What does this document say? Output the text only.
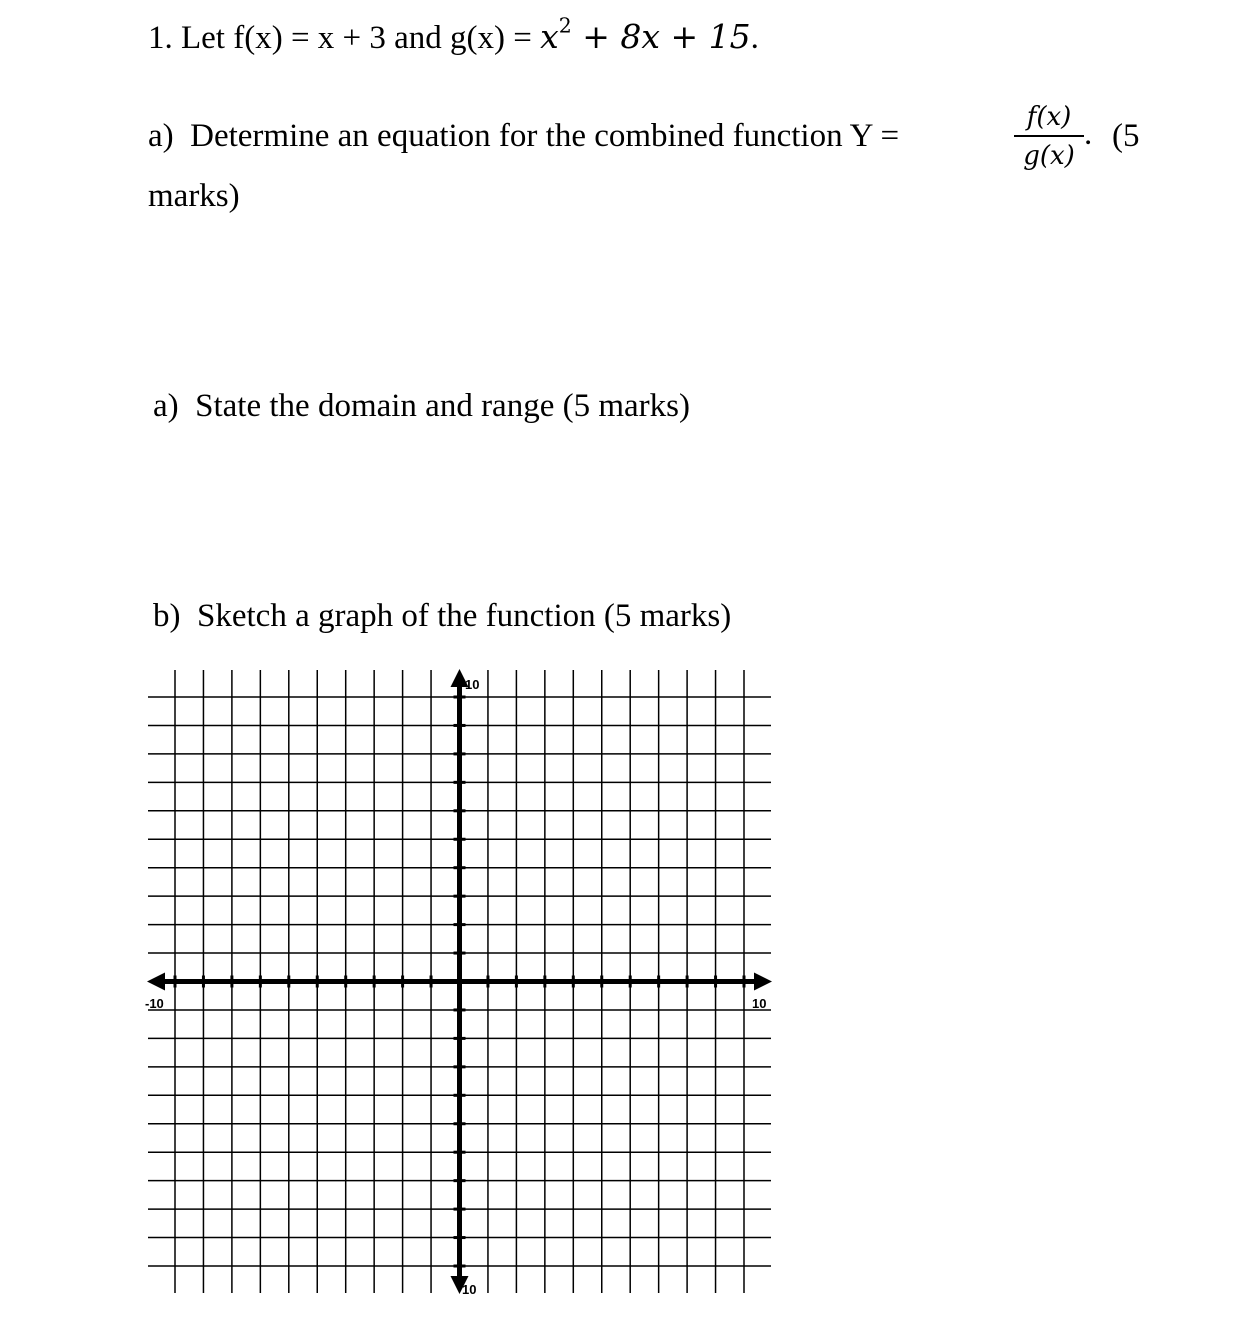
1. Let f(x) = x + 3 and $g(x) = x^2 + 8x + 15$.
a) Determine an equation for the combined function Y =
f(x)
g(x)
. (5
marks)
a) State the domain and range (5 marks)
b) Sketch a graph of the function (5 marks)
-10	10
10
10
